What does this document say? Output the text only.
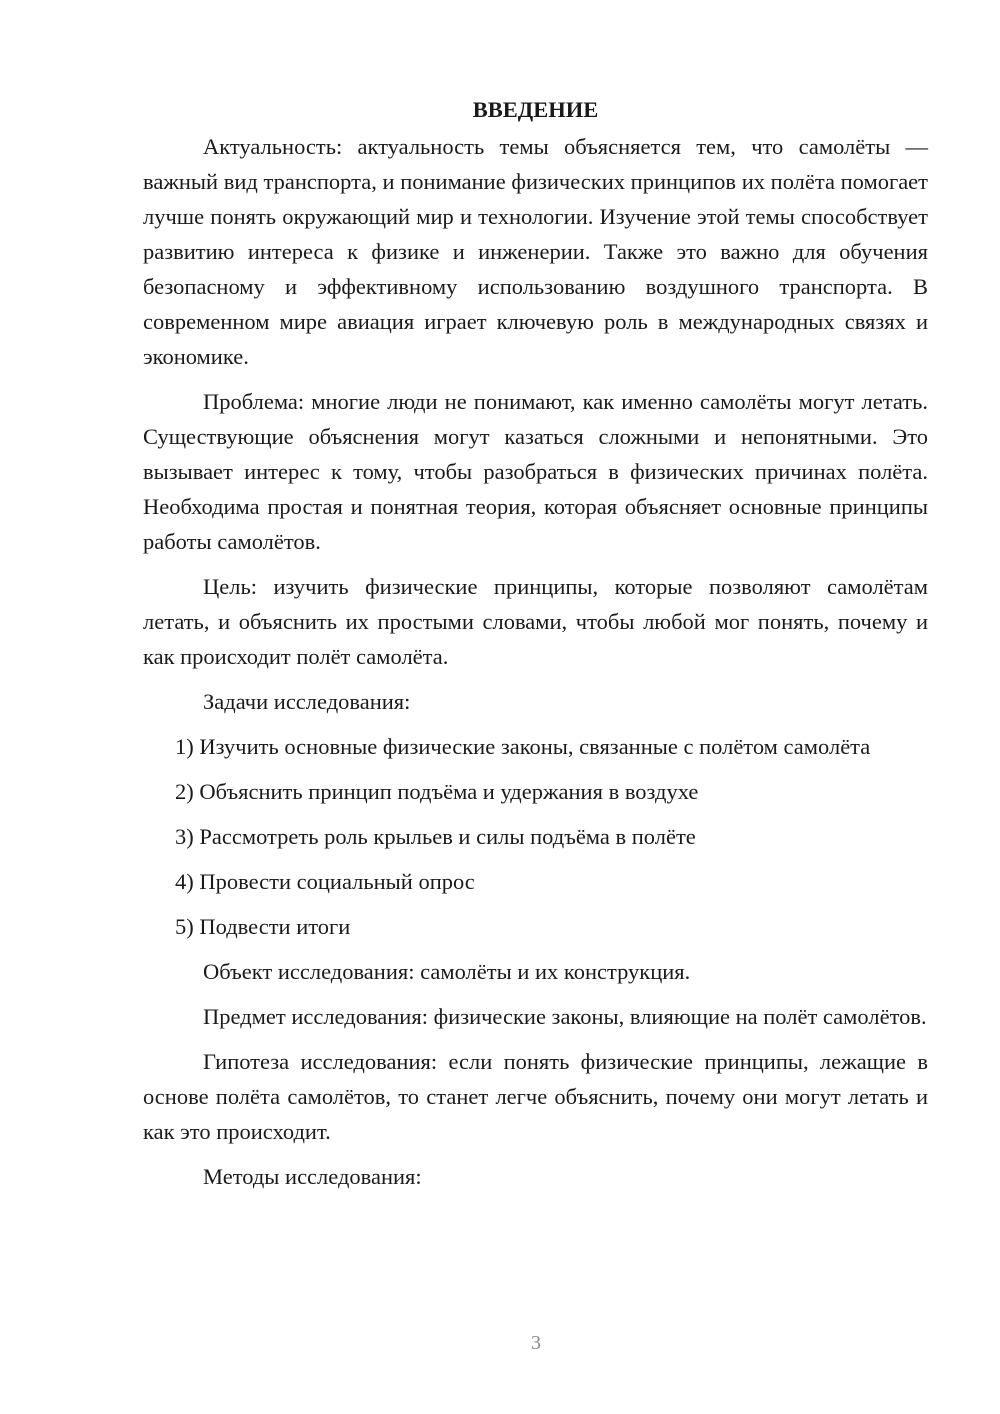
ВВЕДЕНИЕ

Актуальность: актуальность темы объясняется тем, что самолёты — важный вид транспорта, и понимание физических принципов их полёта помогает лучше понять окружающий мир и технологии. Изучение этой темы способствует развитию интереса к физике и инженерии. Также это важно для обучения безопасному и эффективному использованию воздушного транспорта. В современном мире авиация играет ключевую роль в международных связях и экономике.

Проблема: многие люди не понимают, как именно самолёты могут летать. Существующие объяснения могут казаться сложными и непонятными. Это вызывает интерес к тому, чтобы разобраться в физических причинах полёта. Необходима простая и понятная теория, которая объясняет основные принципы работы самолётов.

Цель: изучить физические принципы, которые позволяют самолётам летать, и объяснить их простыми словами, чтобы любой мог понять, почему и как происходит полёт самолёта.

Задачи исследования:

1) Изучить основные физические законы, связанные с полётом самолёта

2) Объяснить принцип подъёма и удержания в воздухе

3) Рассмотреть роль крыльев и силы подъёма в полёте

4) Провести социальный опрос

5) Подвести итоги

Объект исследования: самолёты и их конструкция.

Предмет исследования: физические законы, влияющие на полёт самолётов.

Гипотеза исследования: если понять физические принципы, лежащие в основе полёта самолётов, то станет легче объяснить, почему они могут летать и как это происходит.

Методы исследования:

3
